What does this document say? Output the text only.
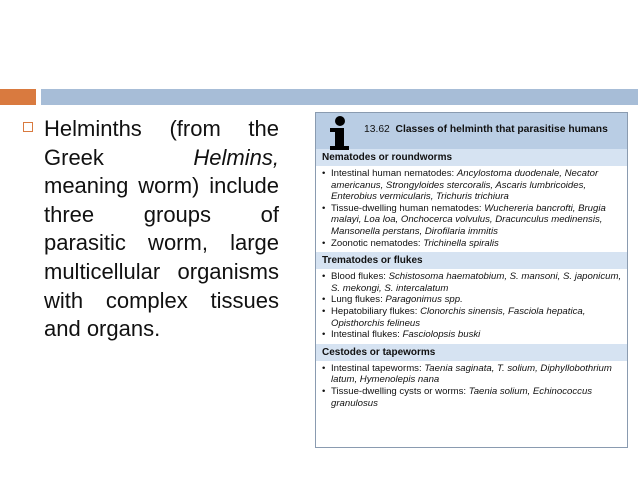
Helminths (from the Greek Helmins, meaning worm) include three groups of parasitic worm, large multicellular organisms with complex tissues and organs.
13.62 Classes of helminth that parasitise humans
Nematodes or roundworms
• Intestinal human nematodes: Ancylostoma duodenale, Necator americanus, Strongyloides stercoralis, Ascaris lumbricoides, Enterobius vermicularis, Trichuris trichiura
• Tissue-dwelling human nematodes: Wuchereria bancrofti, Brugia malayi, Loa loa, Onchocerca volvulus, Dracunculus medinensis, Mansonella perstans, Dirofilaria immitis
• Zoonotic nematodes: Trichinella spiralis
Trematodes or flukes
• Blood flukes: Schistosoma haematobium, S. mansoni, S. japonicum, S. mekongi, S. intercalatum
• Lung flukes: Paragonimus spp.
• Hepatobiliary flukes: Clonorchis sinensis, Fasciola hepatica, Opisthorchis felineus
• Intestinal flukes: Fasciolopsis buski
Cestodes or tapeworms
• Intestinal tapeworms: Taenia saginata, T. solium, Diphyllobothrium latum, Hymenolepis nana
• Tissue-dwelling cysts or worms: Taenia solium, Echinococcus granulosus
